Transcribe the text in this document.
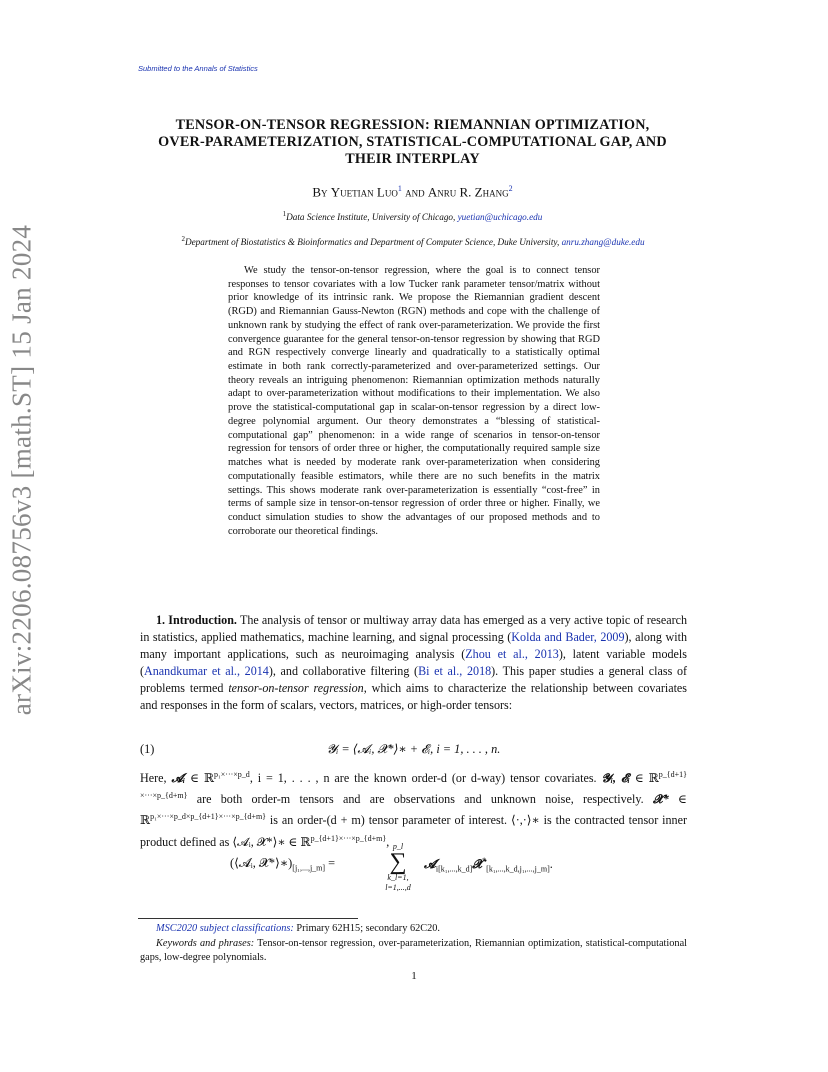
Submitted to the Annals of Statistics
arXiv:2206.08756v3 [math.ST] 15 Jan 2024
TENSOR-ON-TENSOR REGRESSION: RIEMANNIAN OPTIMIZATION,
OVER-PARAMETERIZATION, STATISTICAL-COMPUTATIONAL GAP, AND
THEIR INTERPLAY
By Yuetian Luo$^1$ and Anru R. Zhang$^2$
$^1$Data Science Institute, University of Chicago, yuetian@uchicago.edu
$^2$Department of Biostatistics & Bioinformatics and Department of Computer Science, Duke University, anru.zhang@duke.edu
We study the tensor-on-tensor regression, where the goal is to connect tensor responses to tensor covariates with a low Tucker rank parameter tensor/matrix without prior knowledge of its intrinsic rank. We propose the Riemannian gradient descent (RGD) and Riemannian Gauss-Newton (RGN) methods and cope with the challenge of unknown rank by studying the effect of rank over-parameterization. We provide the first convergence guarantee for the general tensor-on-tensor regression by showing that RGD and RGN respectively converge linearly and quadratically to a statistically optimal estimate in both rank correctly-parameterized and over-parameterized settings. Our theory reveals an intriguing phenomenon: Riemannian optimization methods naturally adapt to over-parameterization without modifications to their implementation. We also prove the statistical-computational gap in scalar-on-tensor regression by a direct low-degree polynomial argument. Our theory demonstrates a “blessing of statistical-computational gap” phenomenon: in a wide range of scenarios in tensor-on-tensor regression for tensors of order three or higher, the computationally required sample size matches what is needed by moderate rank over-parameterization when considering computationally feasible estimators, while there are no such benefits in the matrix settings. This shows moderate rank over-parameterization is essentially “cost-free” in terms of sample size in tensor-on-tensor regression of order three or higher. Finally, we conduct simulation studies to show the advantages of our proposed methods and to corroborate our theoretical findings.

1. Introduction. The analysis of tensor or multiway array data has emerged as a very active topic of research in statistics, applied mathematics, machine learning, and signal processing (Kolda and Bader, 2009), along with many important applications, such as neuroimaging analysis (Zhou et al., 2013), latent variable models (Anandkumar et al., 2014), and collaborative filtering (Bi et al., 2018). This paper studies a general class of problems termed tensor-on-tensor regression, which aims to characterize the relationship between covariates and responses in the form of scalars, vectors, matrices, or high-order tensors:

(1)	𝓨ᵢ = ⟨𝓐ᵢ, 𝓧*⟩∗ + 𝓔ᵢ, i = 1, . . . , n.
Here, 𝓐ᵢ ∈ ℝ$^{p_1\times\cdot\cdot\cdot\times p\_d}$, i = 1, . . . , n are the known order-d (or d-way) tensor covariates. 𝓨ᵢ, 𝓔ᵢ ∈ ℝ$^{p\_\{d+1\}\times\cdot\cdot\cdot\times p\_\{d+m\}}$ are both order-m tensors and are observations and unknown noise, respectively. 𝓧* ∈ ℝ$^{p_1\times\cdot\cdot\cdot\times p\_d\times p\_\{d+1\}\times\cdot\cdot\cdot\times p\_\{d+m\}}$ is an order-(d + m) tensor parameter of interest. ⟨·,·⟩∗ is the contracted tensor inner product defined as ⟨𝓐ᵢ, 𝓧*⟩∗ ∈ ℝ$^{p\_\{d+1\}\times\cdot\cdot\cdot\times p\_\{d+m\}}$,
(⟨𝓐ᵢ, $𝓧*⟩∗)_{[j_1,...,j\_m]}$ =
p_l
∑
k_l=1,
l=1,...,d
𝓐$_{i[k_1,...,k\_d]}$𝓧*$_{[k_1,...,k\_d,j_1,...,j\_m]}$.
MSC2020 subject classifications: Primary 62H15; secondary 62C20.
Keywords and phrases: Tensor-on-tensor regression, over-parameterization, Riemannian optimization, statistical-computational gaps, low-degree polynomials.
1
